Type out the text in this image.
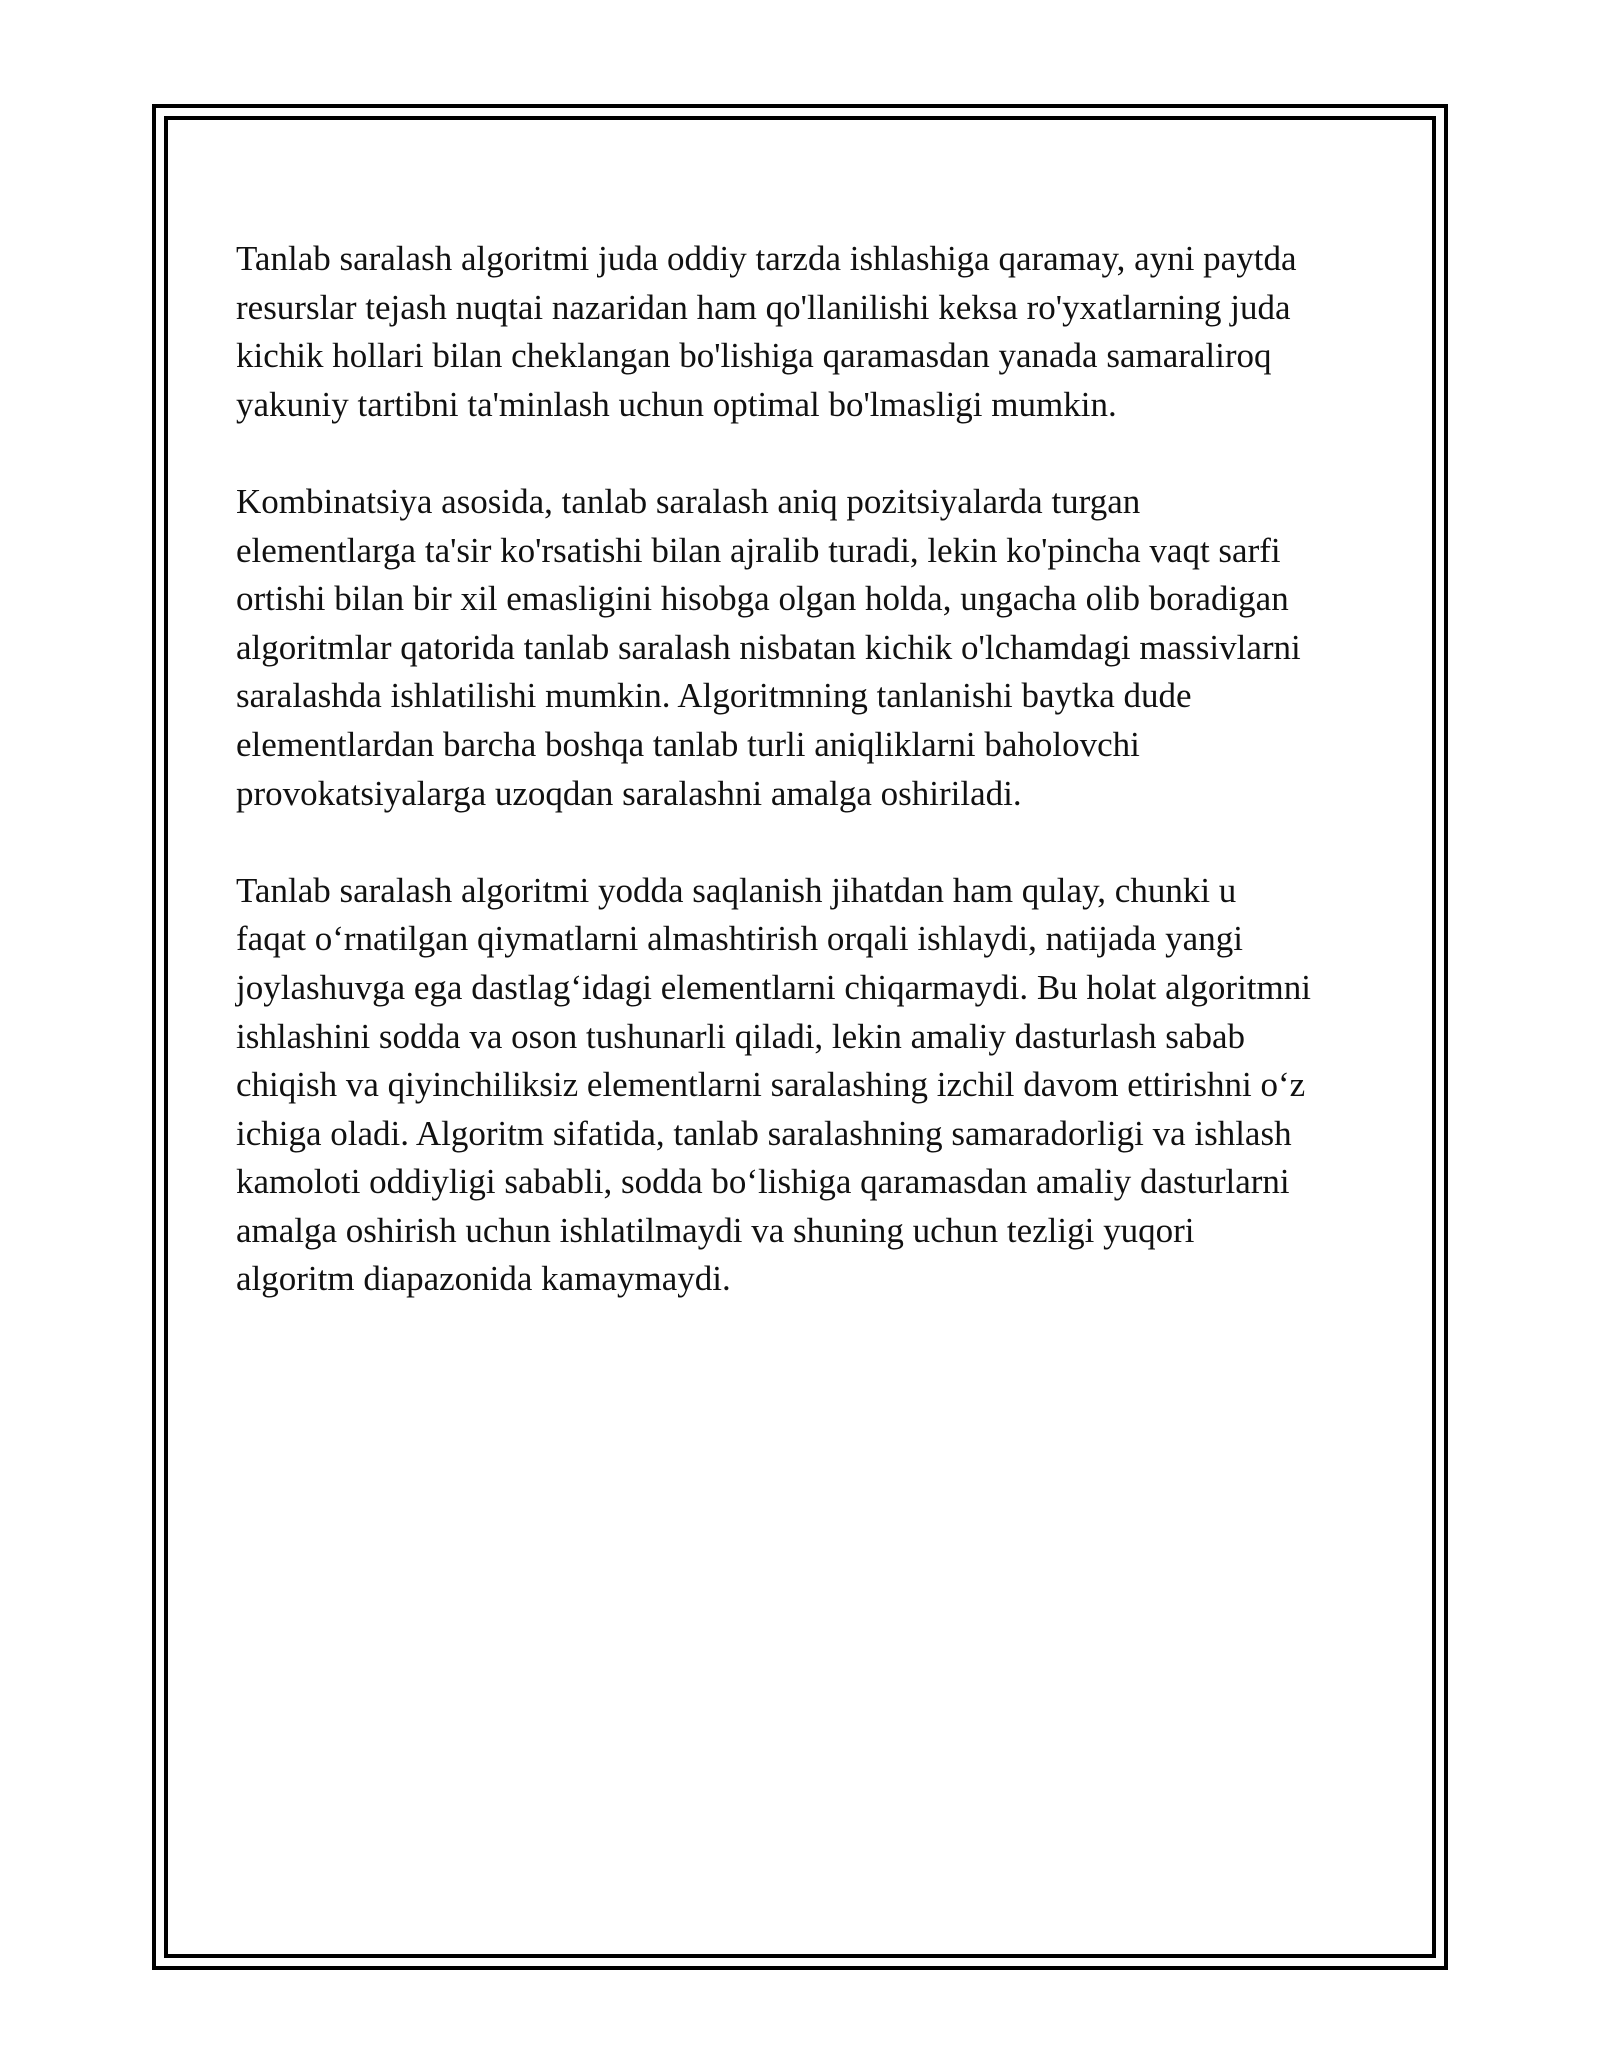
Tanlab saralash algoritmi juda oddiy tarzda ishlashiga qaramay, ayni paytda
resurslar tejash nuqtai nazaridan ham qo'llanilishi keksa ro'yxatlarning juda
kichik hollari bilan cheklangan bo'lishiga qaramasdan yanada samaraliroq
yakuniy tartibni ta'minlash uchun optimal bo'lmasligi mumkin.

Kombinatsiya asosida, tanlab saralash aniq pozitsiyalarda turgan
elementlarga ta'sir ko'rsatishi bilan ajralib turadi, lekin ko'pincha vaqt sarfi
ortishi bilan bir xil emasligini hisobga olgan holda, ungacha olib boradigan
algoritmlar qatorida tanlab saralash nisbatan kichik o'lchamdagi massivlarni
saralashda ishlatilishi mumkin. Algoritmning tanlanishi baytka dude
elementlardan barcha boshqa tanlab turli aniqliklarni baholovchi
provokatsiyalarga uzoqdan saralashni amalga oshiriladi.

Tanlab saralash algoritmi yodda saqlanish jihatdan ham qulay, chunki u
faqat oʻrnatilgan qiymatlarni almashtirish orqali ishlaydi, natijada yangi
joylashuvga ega dastlagʻidagi elementlarni chiqarmaydi. Bu holat algoritmni
ishlashini sodda va oson tushunarli qiladi, lekin amaliy dasturlash sabab
chiqish va qiyinchiliksiz elementlarni saralashing izchil davom ettirishni oʻz
ichiga oladi. Algoritm sifatida, tanlab saralashning samaradorligi va ishlash
kamoloti oddiyligi sababli, sodda boʻlishiga qaramasdan amaliy dasturlarni
amalga oshirish uchun ishlatilmaydi va shuning uchun tezligi yuqori
algoritm diapazonida kamaymaydi.
